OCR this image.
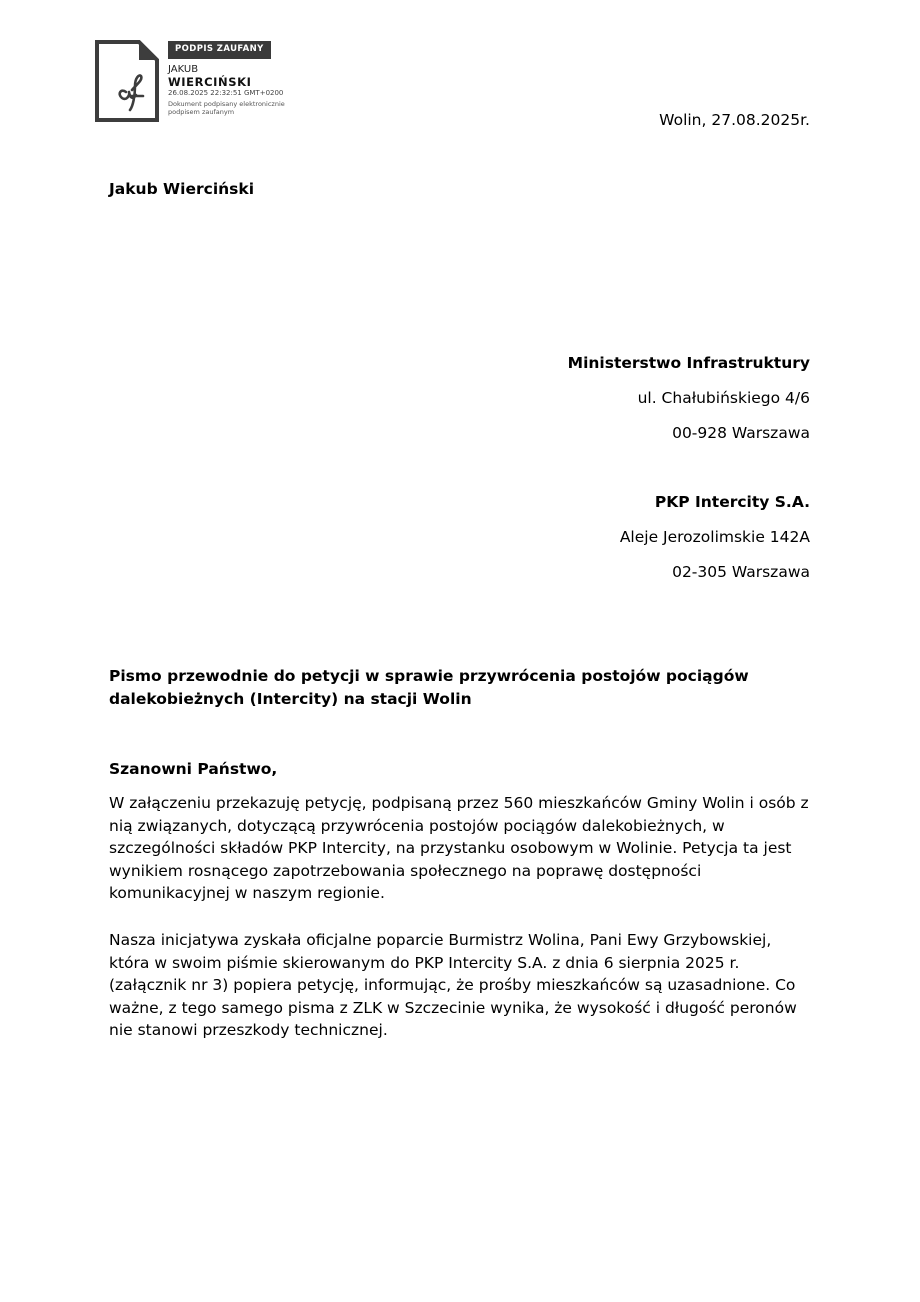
PODPIS ZAUFANY
JAKUB
WIERCIŃSKI
26.08.2025 22:32:51 GMT+0200
Dokument podpisany elektronicznie podpisem zaufanym	Wolin, 27.08.2025r.
Jakub Wierciński
Ministerstwo Infrastruktury
ul. Chałubińskiego 4/6
00-928 Warszawa
PKP Intercity S.A.
Aleje Jerozolimskie 142A
02-305 Warszawa
Pismo przewodnie do petycji w sprawie przywrócenia postojów pociągów dalekobieżnych (Intercity) na stacji Wolin
Szanowni Państwo,
W załączeniu przekazuję petycję, podpisaną przez 560 mieszkańców Gminy Wolin i osób z nią związanych, dotyczącą przywrócenia postojów pociągów dalekobieżnych, w szczególności składów PKP Intercity, na przystanku osobowym w Wolinie. Petycja ta jest wynikiem rosnącego zapotrzebowania społecznego na poprawę dostępności komunikacyjnej w naszym regionie.
Nasza inicjatywa zyskała oficjalne poparcie Burmistrz Wolina, Pani Ewy Grzybowskiej, która w swoim piśmie skierowanym do PKP Intercity S.A. z dnia 6 sierpnia 2025 r. (załącznik nr 3) popiera petycję, informując, że prośby mieszkańców są uzasadnione. Co ważne, z tego samego pisma z ZLK w Szczecinie wynika, że wysokość i długość peronów nie stanowi przeszkody technicznej.
